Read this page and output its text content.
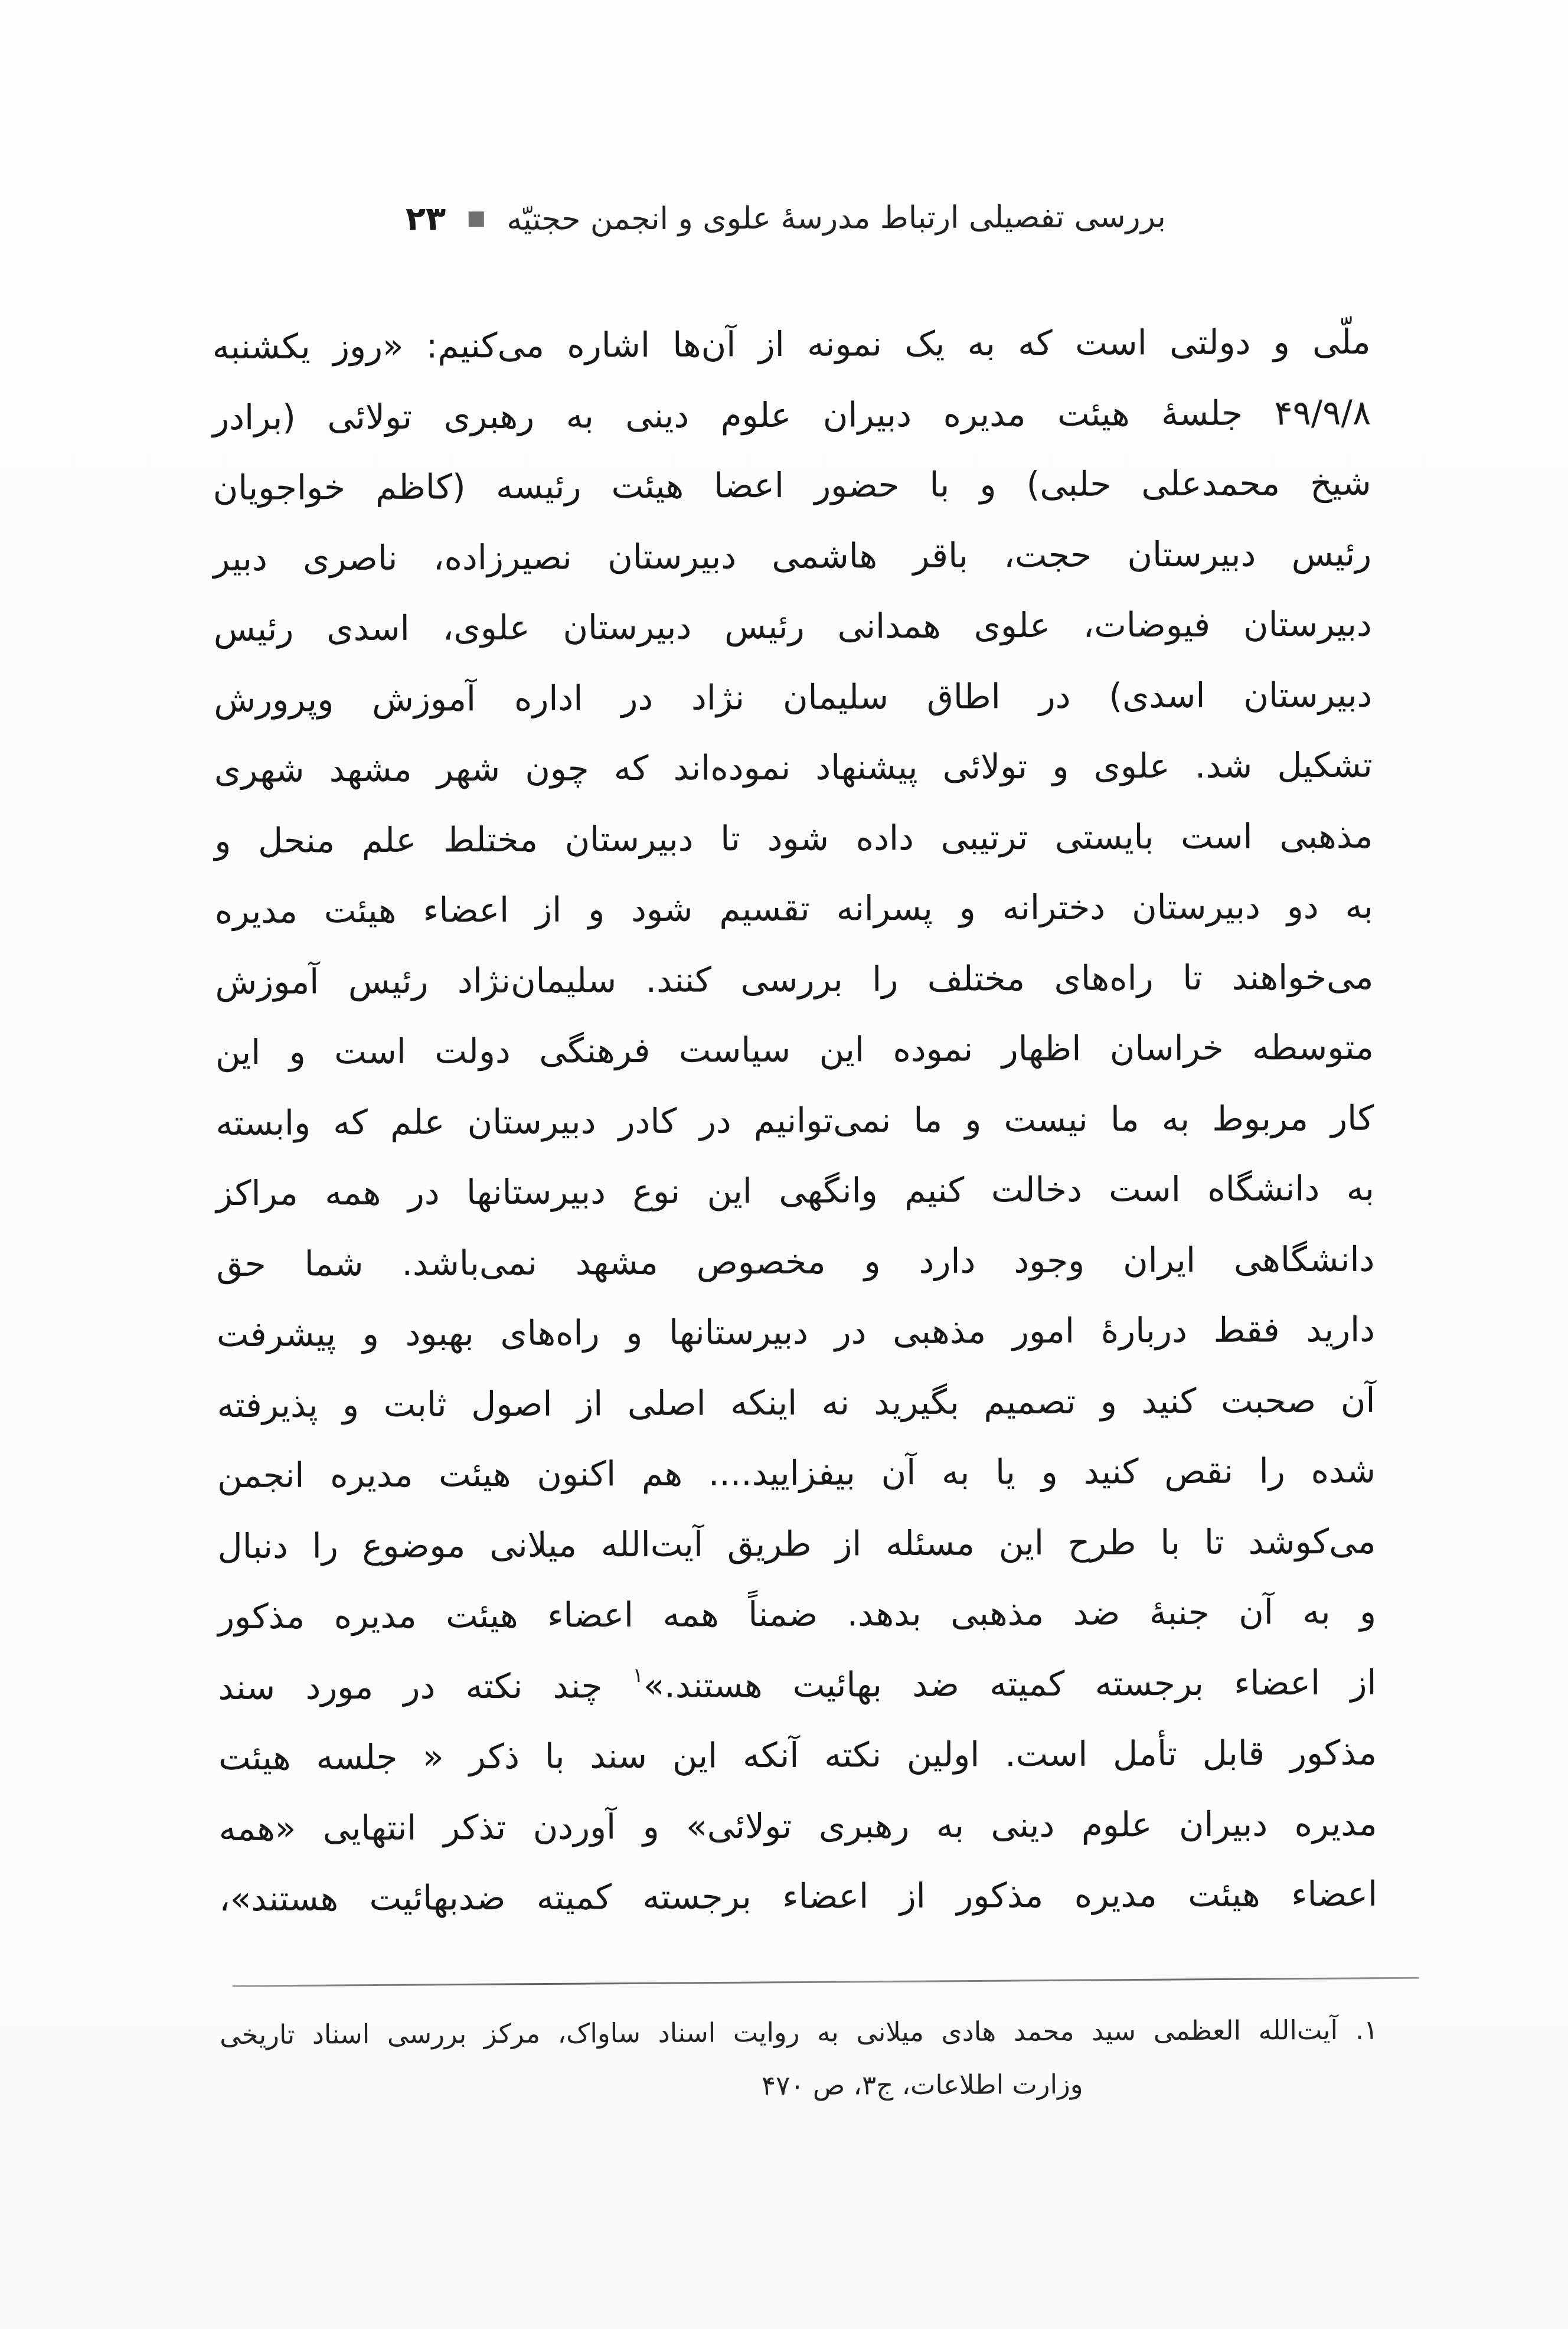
بررسی تفصیلی ارتباط مدرسهٔ علوی و انجمن حجتیّه  ۲۳
ملّی و دولتی است که به یک نمونه از آن‌ها اشاره می‌کنیم: «روز یکشنبه
۴۹/۹/۸ جلسهٔ هیئت مدیره دبیران علوم دینی به رهبری تولائی (برادر
شیخ محمدعلی حلبی) و با حضور اعضا هیئت رئیسه (کاظم خواجویان
رئیس دبیرستان حجت، باقر هاشمی دبیرستان نصیرزاده، ناصری دبیر
دبیرستان فیوضات، علوی همدانی رئیس دبیرستان علوی، اسدی رئیس
دبیرستان اسدی) در اطاق سلیمان نژاد در اداره آموزش وپرورش
تشکیل شد. علوی و تولائی پیشنهاد نموده‌اند که چون شهر مشهد شهری
مذهبی است بایستی ترتیبی داده شود تا دبیرستان مختلط علم منحل و
به دو دبیرستان دخترانه و پسرانه تقسیم شود و از اعضاء هیئت مدیره
می‌خواهند تا راه‌های مختلف را بررسی کنند. سلیمان‌نژاد رئیس آموزش
متوسطه خراسان اظهار نموده این سیاست فرهنگی دولت است و این
کار مربوط به ما نیست و ما نمی‌توانیم در کادر دبیرستان علم که وابسته
به دانشگاه است دخالت کنیم وانگهی این نوع دبیرستانها در همه مراکز
دانشگاهی ایران وجود دارد و مخصوص مشهد نمی‌باشد. شما حق
دارید فقط دربارهٔ امور مذهبی در دبیرستانها و راه‌های بهبود و پیشرفت
آن صحبت کنید و تصمیم بگیرید نه اینکه اصلی از اصول ثابت و پذیرفته
شده را نقص کنید و یا به آن بیفزایید.... هم اکنون هیئت مدیره انجمن
می‌کوشد تا با طرح این مسئله از طریق آیت‌الله میلانی موضوع را دنبال
و به آن جنبهٔ ضد مذهبی بدهد. ضمناً همه اعضاء هیئت مدیره مذکور
از اعضاء برجسته کمیته ضد بهائیت هستند.»$^۱$ چند نکته در مورد سند
مذکور قابل تأمل است. اولین نکته آنکه این سند با ذکر « جلسه هیئت
مدیره دبیران علوم دینی به رهبری تولائی» و آوردن تذکر انتهایی «همه
اعضاء هیئت مدیره مذکور از اعضاء برجسته کمیته ضدبهائیت هستند»،
۱. آیت‌الله العظمی سید محمد هادی میلانی به روایت اسناد ساواک، مرکز بررسی اسناد تاریخی
وزارت اطلاعات، ج۳، ص ۴۷۰
